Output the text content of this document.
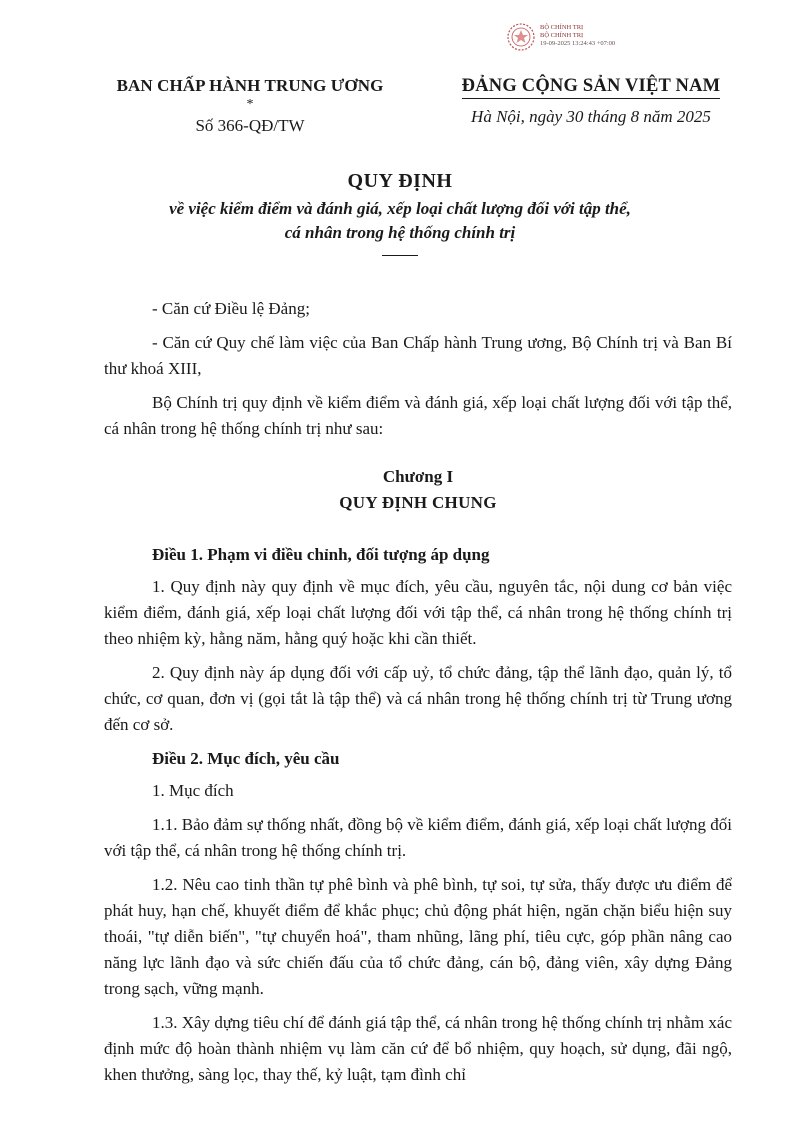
BỘ CHÍNH TRỊ
BỘ CHÍNH TRỊ
19-09-2025 13:24:43 +07:00
BAN CHẤP HÀNH TRUNG ƯƠNG
*
Số 366-QĐ/TW
ĐẢNG CỘNG SẢN VIỆT NAM
Hà Nội, ngày 30 tháng 8 năm 2025
QUY ĐỊNH
về việc kiểm điểm và đánh giá, xếp loại chất lượng đối với tập thể,
cá nhân trong hệ thống chính trị

- Căn cứ Điều lệ Đảng;

- Căn cứ Quy chế làm việc của Ban Chấp hành Trung ương, Bộ Chính trị và Ban Bí thư khoá XIII,

Bộ Chính trị quy định về kiểm điểm và đánh giá, xếp loại chất lượng đối với tập thể, cá nhân trong hệ thống chính trị như sau:

Chương I
QUY ĐỊNH CHUNG
Điều 1. Phạm vi điều chỉnh, đối tượng áp dụng

1. Quy định này quy định về mục đích, yêu cầu, nguyên tắc, nội dung cơ bản việc kiểm điểm, đánh giá, xếp loại chất lượng đối với tập thể, cá nhân trong hệ thống chính trị theo nhiệm kỳ, hằng năm, hằng quý hoặc khi cần thiết.

2. Quy định này áp dụng đối với cấp uỷ, tổ chức đảng, tập thể lãnh đạo, quản lý, tổ chức, cơ quan, đơn vị (gọi tắt là tập thể) và cá nhân trong hệ thống chính trị từ Trung ương đến cơ sở.

Điều 2. Mục đích, yêu cầu

1. Mục đích

1.1. Bảo đảm sự thống nhất, đồng bộ về kiểm điểm, đánh giá, xếp loại chất lượng đối với tập thể, cá nhân trong hệ thống chính trị.

1.2. Nêu cao tinh thần tự phê bình và phê bình, tự soi, tự sửa, thấy được ưu điểm để phát huy, hạn chế, khuyết điểm để khắc phục; chủ động phát hiện, ngăn chặn biểu hiện suy thoái, "tự diễn biến", "tự chuyển hoá", tham nhũng, lãng phí, tiêu cực, góp phần nâng cao năng lực lãnh đạo và sức chiến đấu của tổ chức đảng, cán bộ, đảng viên, xây dựng Đảng trong sạch, vững mạnh.

1.3. Xây dựng tiêu chí để đánh giá tập thể, cá nhân trong hệ thống chính trị nhằm xác định mức độ hoàn thành nhiệm vụ làm căn cứ để bổ nhiệm, quy hoạch, sử dụng, đãi ngộ, khen thưởng, sàng lọc, thay thế, kỷ luật, tạm đình chỉ
